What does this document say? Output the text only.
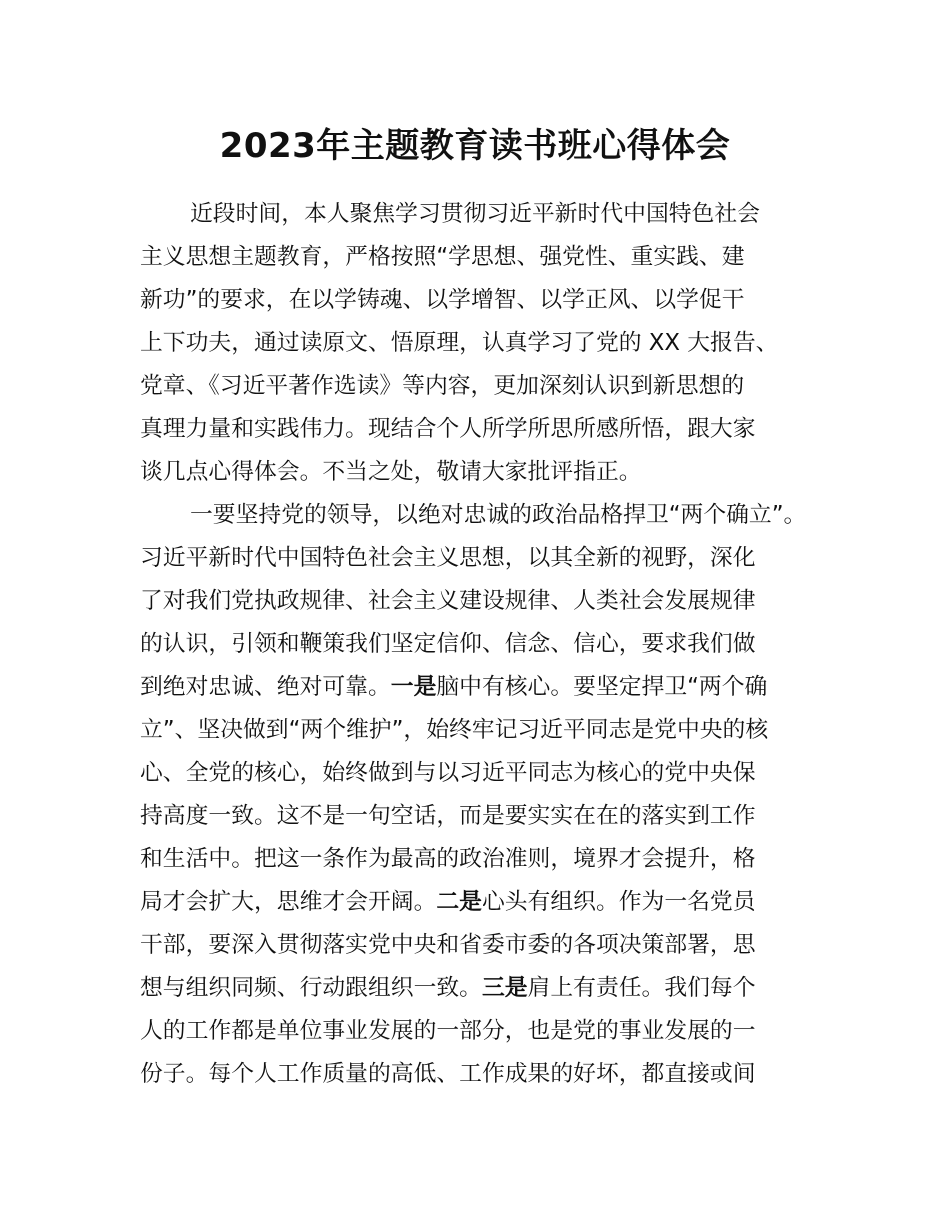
2023年主题教育读书班心得体会

近段时间，本人聚焦学习贯彻习近平新时代中国特色社会

主义思想主题教育，严格按照“学思想、强党性、重实践、建

新功”的要求，在以学铸魂、以学增智、以学正风、以学促干

上下功夫，通过读原文、悟原理，认真学习了党的 XX 大报告、

党章、《习近平著作选读》等内容，更加深刻认识到新思想的

真理力量和实践伟力。现结合个人所学所思所感所悟，跟大家

谈几点心得体会。不当之处，敬请大家批评指正。

一要坚持党的领导，以绝对忠诚的政治品格捍卫“两个确立”。

习近平新时代中国特色社会主义思想，以其全新的视野，深化

了对我们党执政规律、社会主义建设规律、人类社会发展规律

的认识，引领和鞭策我们坚定信仰、信念、信心，要求我们做

到绝对忠诚、绝对可靠。一是脑中有核心。要坚定捍卫“两个确

立”、坚决做到“两个维护”，始终牢记习近平同志是党中央的核

心、全党的核心，始终做到与以习近平同志为核心的党中央保

持高度一致。这不是一句空话，而是要实实在在的落实到工作

和生活中。把这一条作为最高的政治准则，境界才会提升，格

局才会扩大，思维才会开阔。二是心头有组织。作为一名党员

干部，要深入贯彻落实党中央和省委市委的各项决策部署，思

想与组织同频、行动跟组织一致。三是肩上有责任。我们每个

人的工作都是单位事业发展的一部分，也是党的事业发展的一

份子。每个人工作质量的高低、工作成果的好坏，都直接或间
